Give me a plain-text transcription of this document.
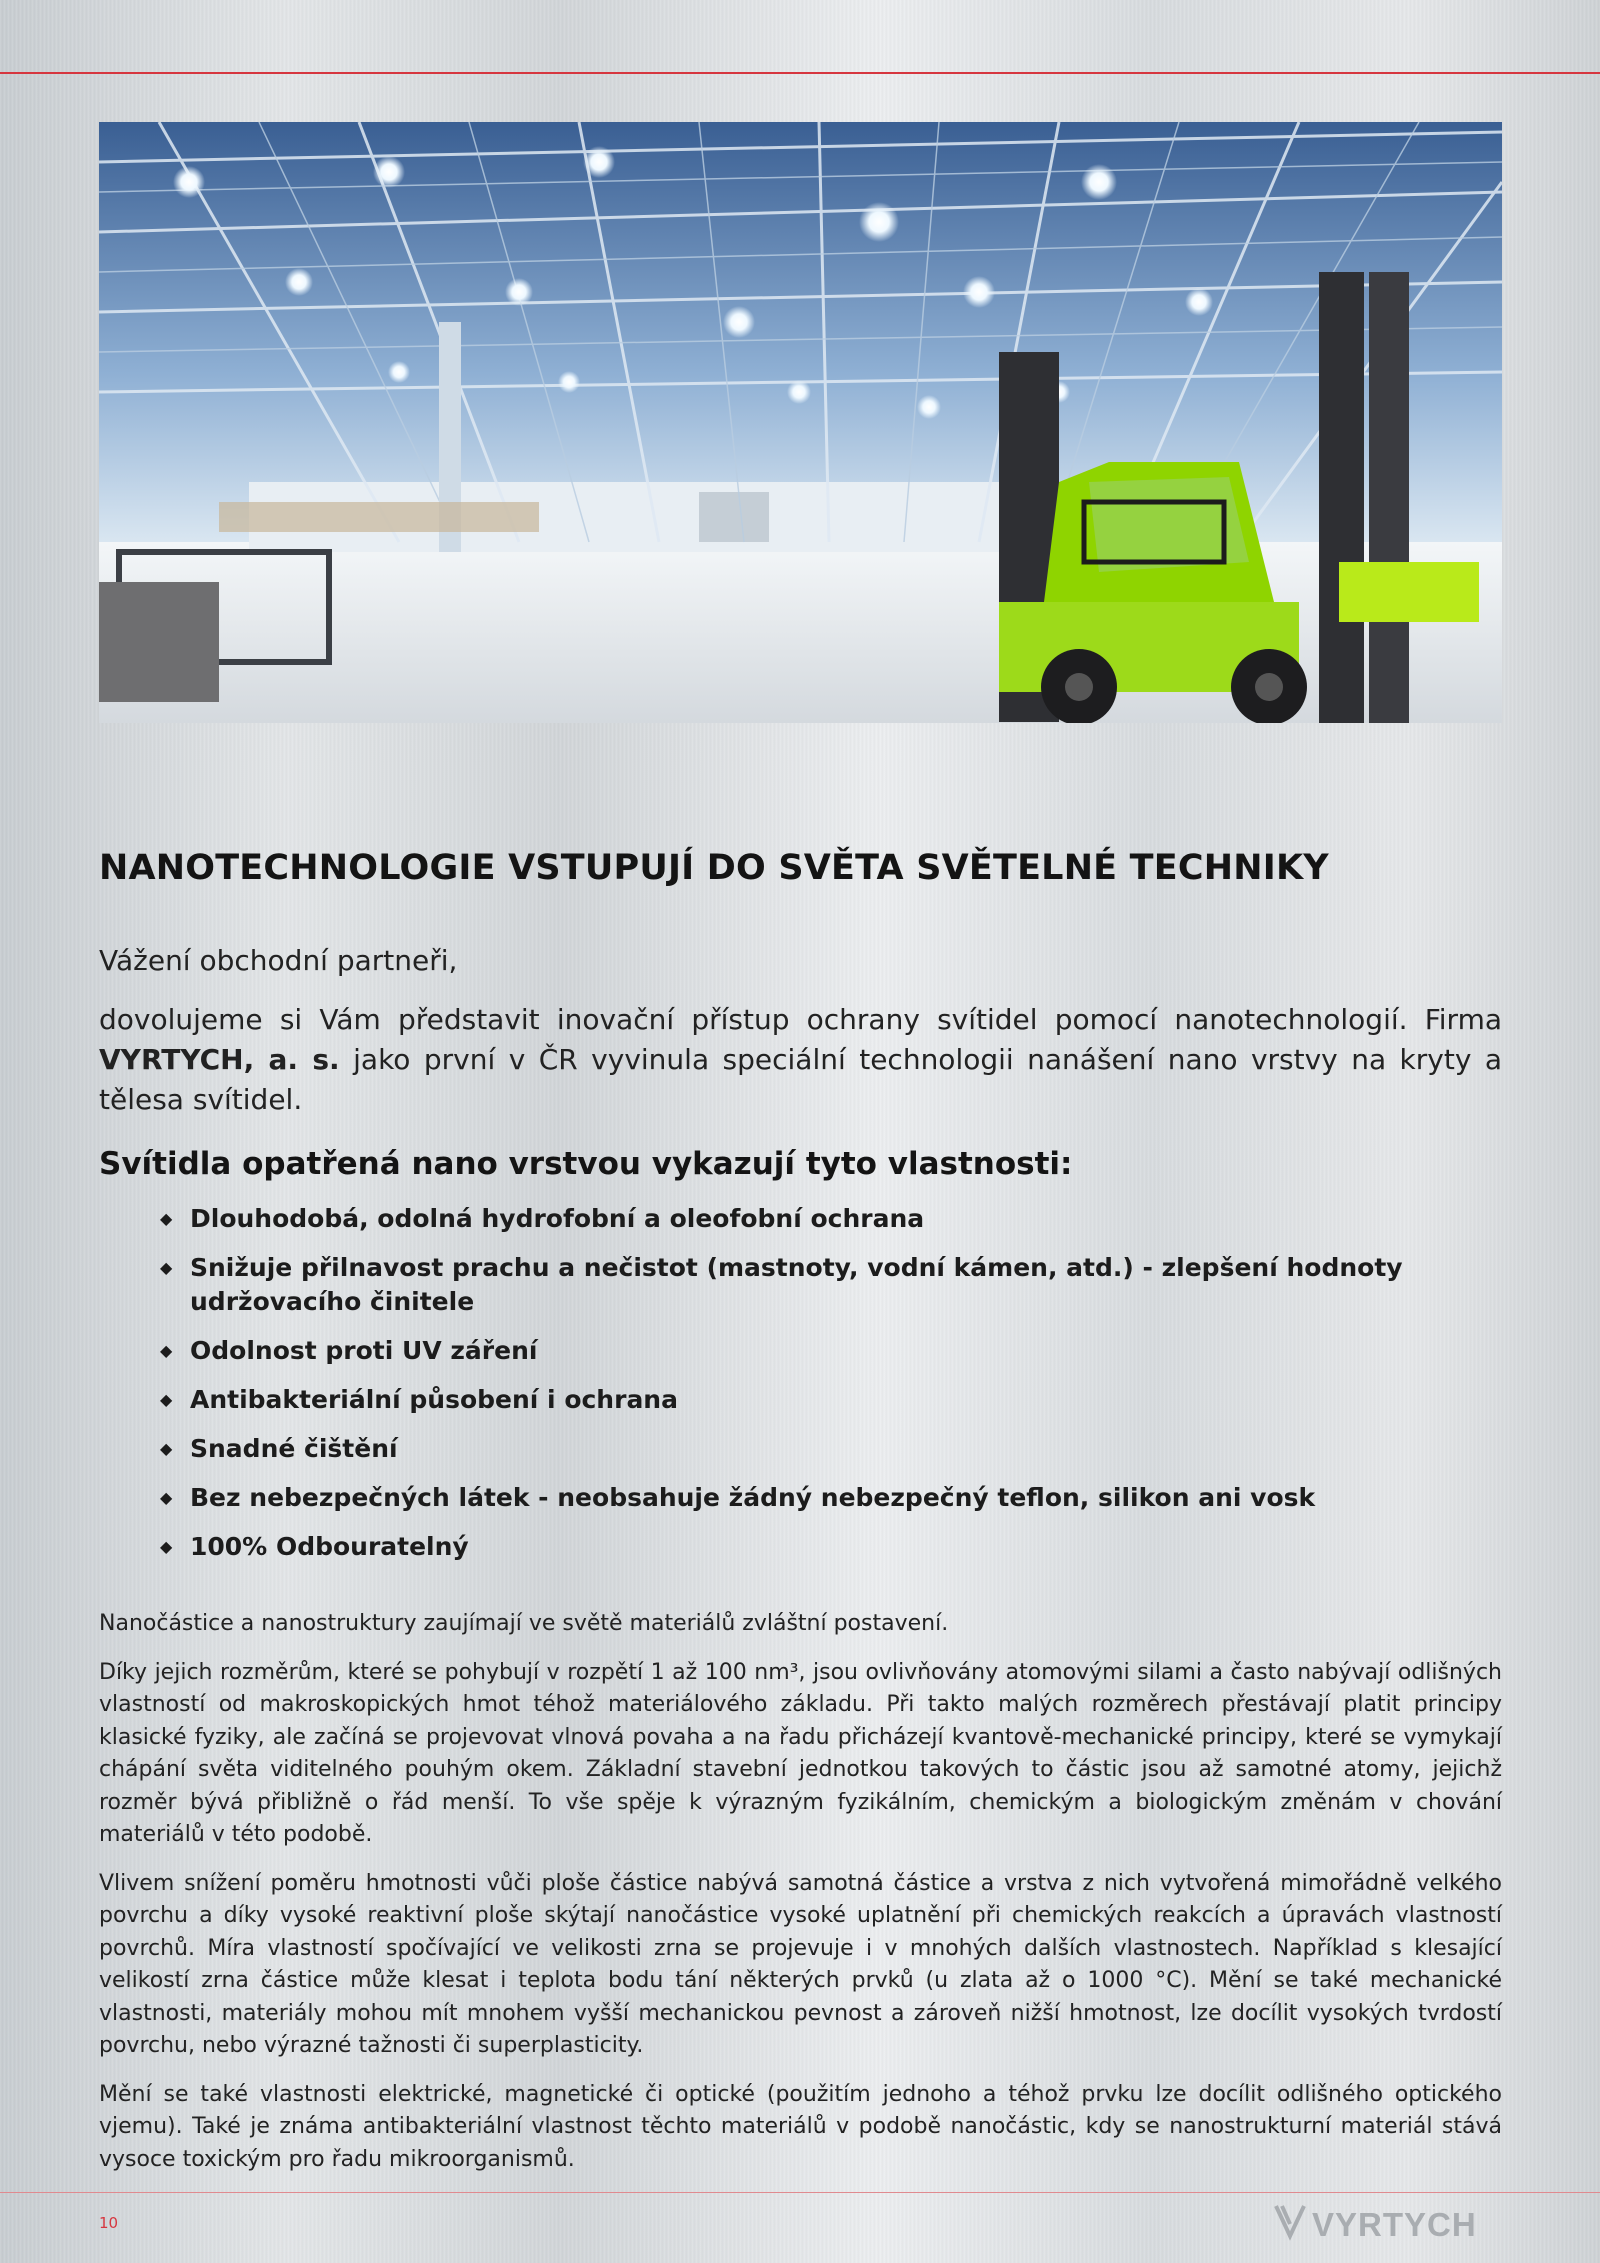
NANOTECHNOLOGIE VSTUPUJÍ DO SVĚTA SVĚTELNÉ TECHNIKY
Vážení obchodní partneři,
dovolujeme si Vám představit inovační přístup ochrany svítidel pomocí nanotechnologií. Firma VYRTYCH, a. s. jako první v ČR vyvinula speciální technologii nanášení nano vrstvy na kryty a tělesa svítidel.
Svítidla opatřená nano vrstvou vykazují tyto vlastnosti:
◆ Dlouhodobá, odolná hydrofobní a oleofobní ochrana
◆ Snižuje přilnavost prachu a nečistot (mastnoty, vodní kámen, atd.) - zlepšení hodnoty udržovacího činitele
◆ Odolnost proti UV záření
◆ Antibakteriální působení i ochrana
◆ Snadné čištění
◆ Bez nebezpečných látek - neobsahuje žádný nebezpečný teflon, silikon ani vosk
◆ 100% Odbouratelný

Nanočástice a nanostruktury zaujímají ve světě materiálů zvláštní postavení.

Díky jejich rozměrům, které se pohybují v rozpětí 1 až 100 nm³, jsou ovlivňovány atomovými silami a často nabývají odlišných vlastností od makroskopických hmot téhož materiálového základu. Při takto malých rozměrech přestávají platit principy klasické fyziky, ale začíná se projevovat vlnová povaha a na řadu přicházejí kvantově-mechanické principy, které se vymykají chápání světa viditelného pouhým okem. Základní stavební jednotkou takových to částic jsou až samotné atomy, jejichž rozměr bývá přibližně o řád menší. To vše spěje k výrazným fyzikálním, chemickým a biologickým změnám v chování materiálů v této podobě.

Vlivem snížení poměru hmotnosti vůči ploše částice nabývá samotná částice a vrstva z nich vytvořená mimořádně velkého povrchu a díky vysoké reaktivní ploše skýtají nanočástice vysoké uplatnění při chemických reakcích a úpravách vlastností povrchů. Míra vlastností spočívající ve velikosti zrna se projevuje i v mnohých dalších vlastnostech. Například s klesající velikostí zrna částice může klesat i teplota bodu tání některých prvků (u zlata až o 1000 °C). Mění se také mechanické vlastnosti, materiály mohou mít mnohem vyšší mechanickou pevnost a zároveň nižší hmotnost, lze docílit vysokých tvrdostí povrchu, nebo výrazné tažnosti či superplasticity.

Mění se také vlastnosti elektrické, magnetické či optické (použitím jednoho a téhož prvku lze docílit odlišného optického vjemu). Také je známa antibakteriální vlastnost těchto materiálů v podobě nanočástic, kdy se nanostrukturní materiál stává vysoce toxickým pro řadu mikroorganismů.

10	VYRTYCH
